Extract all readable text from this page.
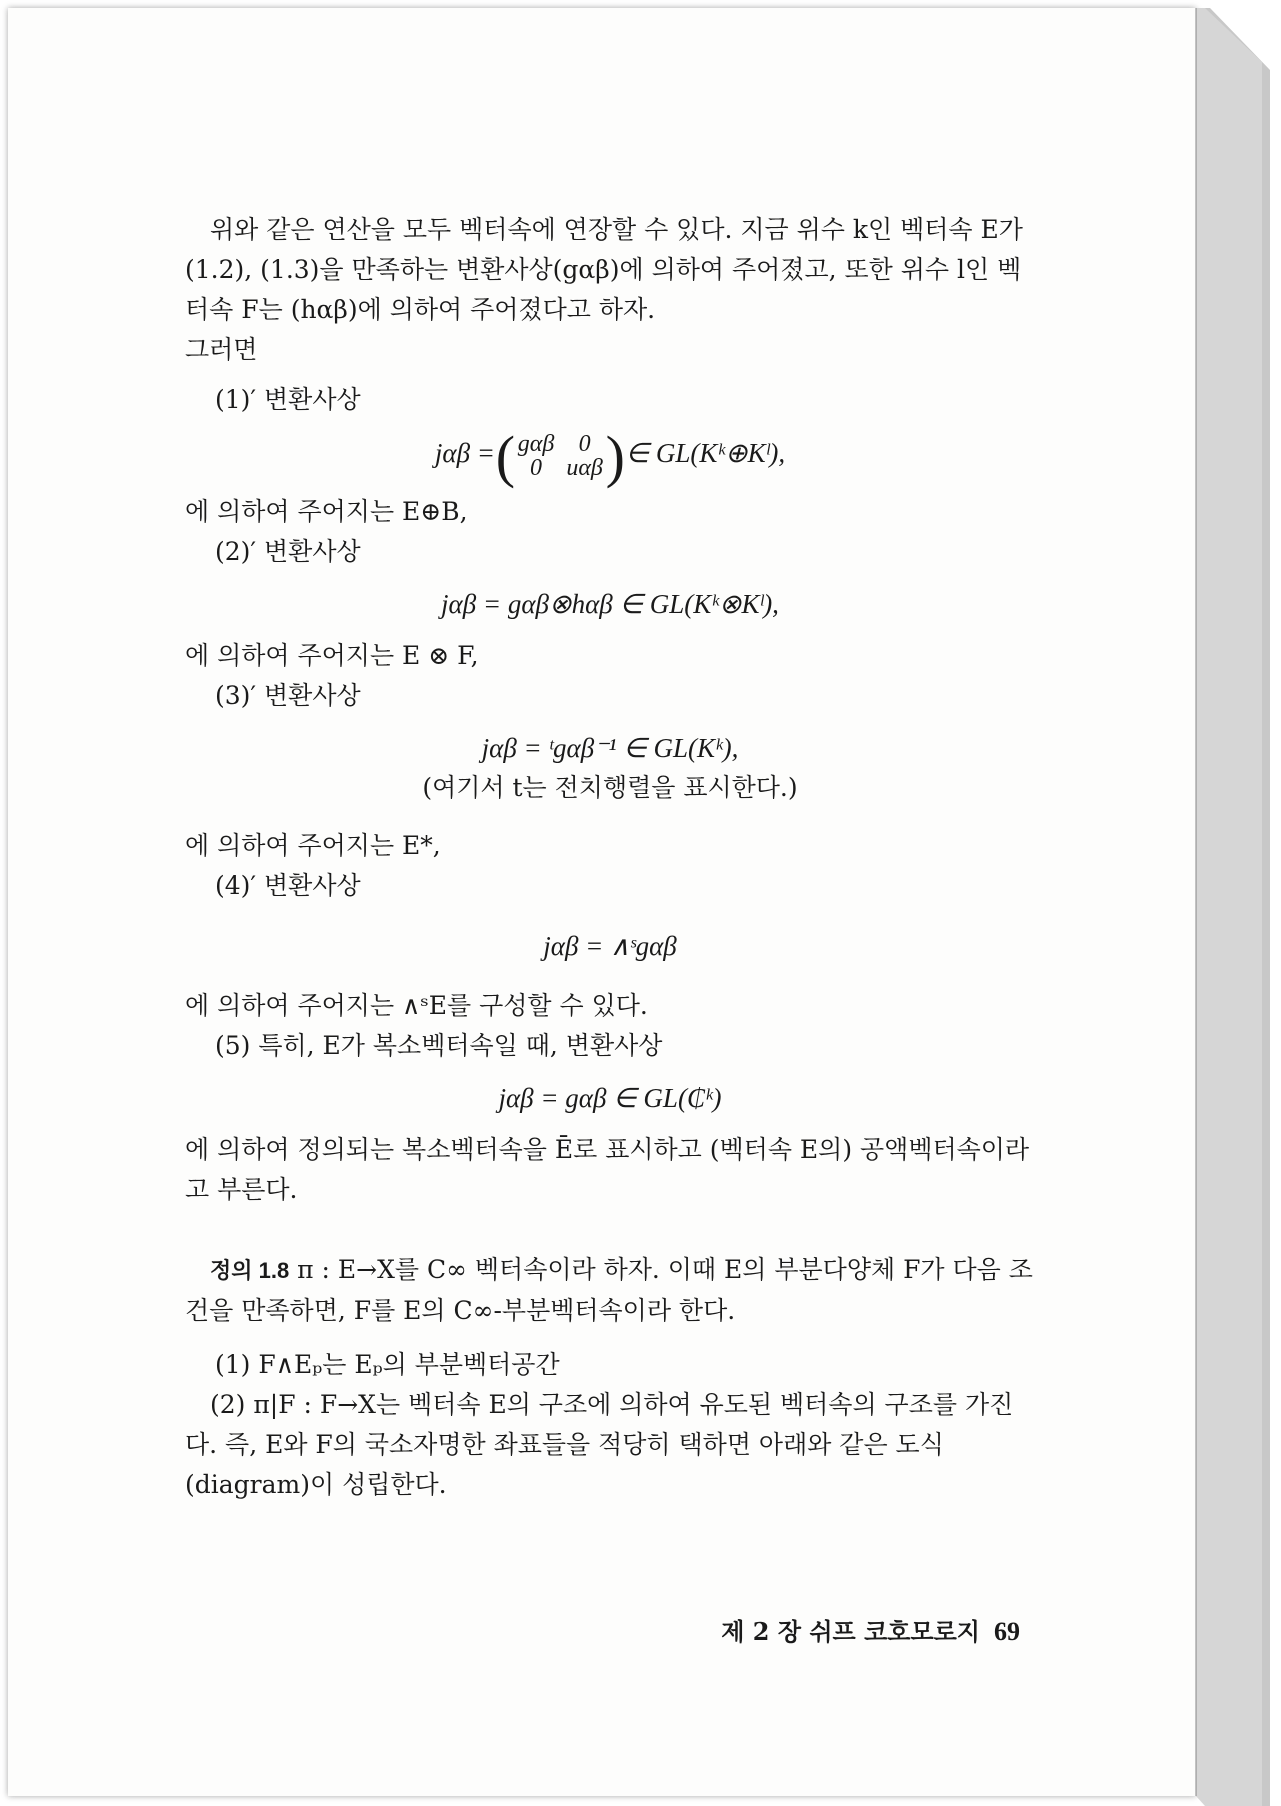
위와 같은 연산을 모두 벡터속에 연장할 수 있다. 지금 위수 k인 벡터속 E가 (1.2), (1.3)을 만족하는 변환사상(gαβ)에 의하여 주어졌고, 또한 위수 l인 벡터속 F는 (hαβ)에 의하여 주어졌다고 하자.

그러면

(1)′ 변환사상

jαβ = ( gαβ	0
0	uαβ ) ∈ GL(Kᵏ⊕Kˡ),

에 의하여 주어지는 E⊕B,

(2)′ 변환사상

jαβ = gαβ⊗hαβ ∈ GL(Kᵏ⊗Kˡ),

에 의하여 주어지는 E ⊗ F,

(3)′ 변환사상

jαβ = ᵗgαβ⁻¹ ∈ GL(Kᵏ),

(여기서 t는 전치행렬을 표시한다.)

에 의하여 주어지는 E*,

(4)′ 변환사상

jαβ = ∧ˢgαβ

에 의하여 주어지는 ∧ˢE를 구성할 수 있다.

(5) 특히, E가 복소벡터속일 때, 변환사상

jαβ = gαβ ∈ GL(₵ᵏ)

에 의하여 정의되는 복소벡터속을 Ē로 표시하고 (벡터속 E의) 공액벡터속이라고 부른다.

정의 1.8 π : E→X를 C∞ 벡터속이라 하자. 이때 E의 부분다양체 F가 다음 조건을 만족하면, F를 E의 C∞-부분벡터속이라 한다.

(1) F∧Eₚ는 Eₚ의 부분벡터공간

(2) π|F : F→X는 벡터속 E의 구조에 의하여 유도된 벡터속의 구조를 가진다. 즉, E와 F의 국소자명한 좌표들을 적당히 택하면 아래와 같은 도식(diagram)이 성립한다.

제 2 장 쉬프 코호모로지 69
